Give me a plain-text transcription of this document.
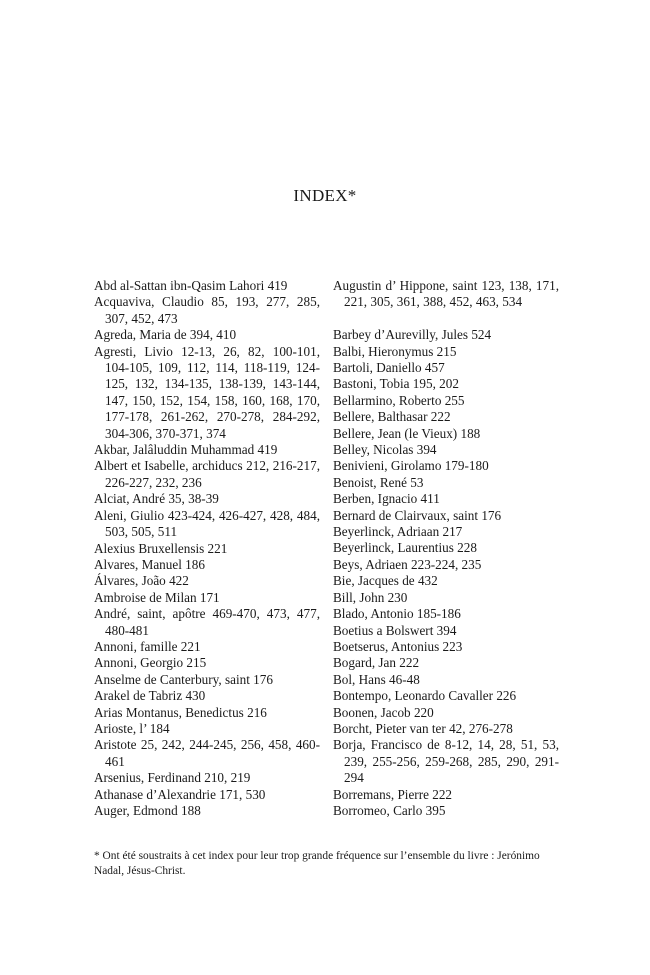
INDEX*
Abd al-Sattan ibn-Qasim Lahori 419
Acquaviva, Claudio 85, 193, 277, 285, 307, 452, 473
Agreda, Maria de 394, 410
Agresti, Livio 12-13, 26, 82, 100-101, 104-105, 109, 112, 114, 118-119, 124-125, 132, 134-135, 138-139, 143-144, 147, 150, 152, 154, 158, 160, 168, 170, 177-178, 261-262, 270-278, 284-292, 304-306, 370-371, 374
Akbar, Jalâluddin Muhammad 419
Albert et Isabelle, archiducs 212, 216-217, 226-227, 232, 236
Alciat, André 35, 38-39
Aleni, Giulio 423-424, 426-427, 428, 484, 503, 505, 511
Alexius Bruxellensis 221
Alvares, Manuel 186
Álvares, João 422
Ambroise de Milan 171
André, saint, apôtre 469-470, 473, 477, 480-481
Annoni, famille 221
Annoni, Georgio 215
Anselme de Canterbury, saint 176
Arakel de Tabriz 430
Arias Montanus, Benedictus 216
Arioste, l’ 184
Aristote 25, 242, 244-245, 256, 458, 460-461
Arsenius, Ferdinand 210, 219
Athanase d’Alexandrie 171, 530
Auger, Edmond 188
Augustin d’ Hippone, saint 123, 138, 171, 221, 305, 361, 388, 452, 463, 534
Barbey d’Aurevilly, Jules 524
Balbi, Hieronymus 215
Bartoli, Daniello 457
Bastoni, Tobia 195, 202
Bellarmino, Roberto 255
Bellere, Balthasar 222
Bellere, Jean (le Vieux) 188
Belley, Nicolas 394
Benivieni, Girolamo 179-180
Benoist, René 53
Berben, Ignacio 411
Bernard de Clairvaux, saint 176
Beyerlinck, Adriaan 217
Beyerlinck, Laurentius 228
Beys, Adriaen 223-224, 235
Bie, Jacques de 432
Bill, John 230
Blado, Antonio 185-186
Boetius a Bolswert 394
Boetserus, Antonius 223
Bogard, Jan 222
Bol, Hans 46-48
Bontempo, Leonardo Cavaller 226
Boonen, Jacob 220
Borcht, Pieter van ter 42, 276-278
Borja, Francisco de 8-12, 14, 28, 51, 53, 239, 255-256, 259-268, 285, 290, 291-294
Borremans, Pierre 222
Borromeo, Carlo 395
* Ont été soustraits à cet index pour leur trop grande fréquence sur l’ensemble du livre : Jerónimo Nadal, Jésus-Christ.
